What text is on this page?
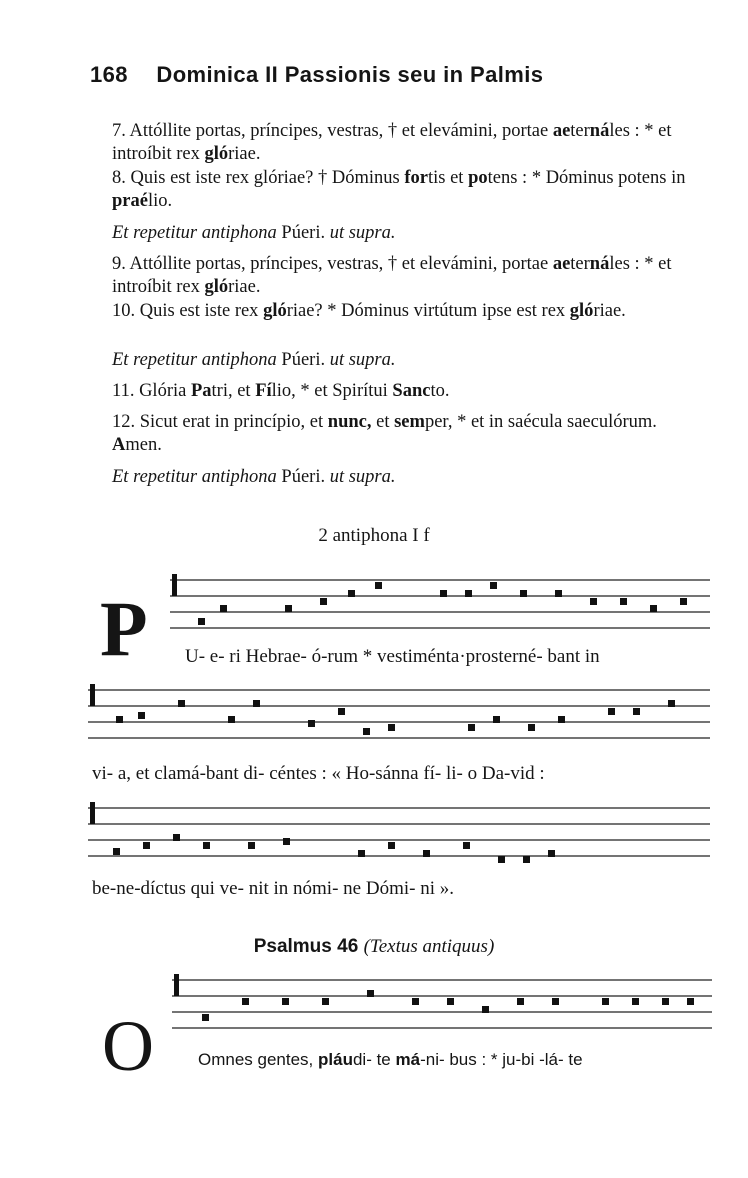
168 Dominica II Passionis seu in Palmis
7. Attóllite portas, príncipes, vestras, † et elevámini, portae aeternáles : * et introíbit rex glóriae.
8. Quis est iste rex glóriae? † Dóminus fortis et potens : * Dóminus potens in praélio.
Et repetitur antiphona Púeri. ut supra.
9. Attóllite portas, príncipes, vestras, † et elevámini, portae aeternáles : * et introíbit rex glóriae.
10. Quis est iste rex glóriae? * Dóminus virtútum ipse est rex glóriae.
Et repetitur antiphona Púeri. ut supra.
11. Glória Patri, et Fílio, * et Spirítui Sancto.
12. Sicut erat in princípio, et nunc, et semper, * et in saécula saeculórum. Amen.
Et repetitur antiphona Púeri. ut supra.
2 antiphona I f
P U- e- ri Hebrae- ó-rum * vestiménta·prosterné- bant in
vi- a, et clamá-bant di- céntes : « Ho-sánna fí- li- o Da-vid :
be-ne-díctus qui ve- nit in nómi- ne Dómi- ni ».
Psalmus 46 (Textus antiquus)
O	Omnes gentes, pláudi- te má-ni- bus : * ju-bi -lá- te
